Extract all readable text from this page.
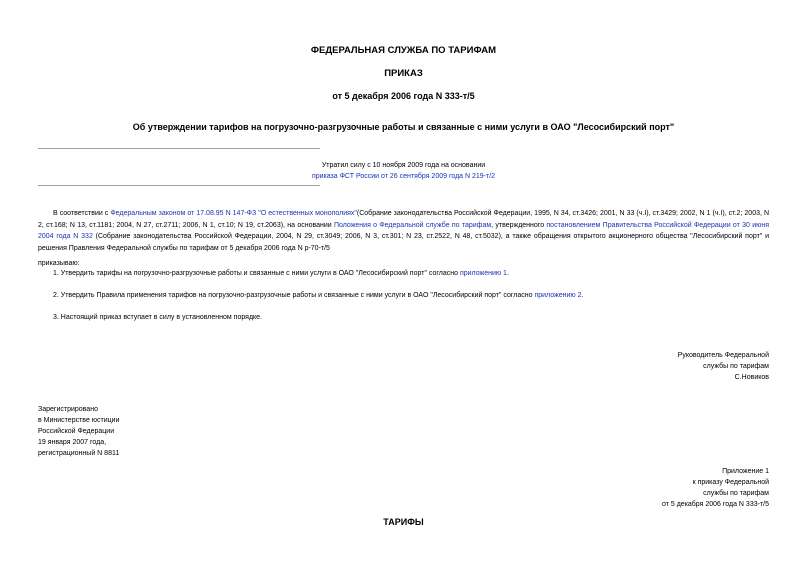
ФЕДЕРАЛЬНАЯ СЛУЖБА ПО ТАРИФАМ
ПРИКАЗ
от 5 декабря 2006 года N 333-т/5
Об утверждении тарифов на погрузочно-разгрузочные работы и связанные с ними услуги в ОАО "Лесосибирский порт"
Утратил силу с 10 ноября 2009 года на основании
приказа ФСТ России от 26 сентября 2009 года N 219-т/2
В соответствии с Федеральным законом от 17.08.95 N 147-ФЗ "О естественных монополиях"(Собрание законодательства Российской Федерации, 1995, N 34, ст.3426; 2001, N 33 (ч.I), ст.3429; 2002, N 1 (ч.I), ст.2; 2003, N 2, ст.168; N 13, ст.1181; 2004, N 27, ст.2711; 2006, N 1, ст.10; N 19, ст.2063), на основании Положения о Федеральной службе по тарифам, утвержденного постановлением Правительства Российской Федерации от 30 июня 2004 года N 332 (Собрание законодательства Российской Федерации, 2004, N 29, ст.3049; 2006, N 3, ст.301; N 23, ст.2522, N 48, ст.5032), а также обращения открытого акционерного общества "Лесосибирский порт" и решения Правления Федеральной службы по тарифам от 5 декабря 2006 года N р-70-т/5
приказываю:
1. Утвердить тарифы на погрузочно-разгрузочные работы и связанные с ними услуги в ОАО "Лесосибирский порт" согласно приложению 1.
2. Утвердить Правила применения тарифов на погрузочно-разгрузочные работы и связанные с ними услуги в ОАО "Лесосибирский порт" согласно приложению 2.
3. Настоящий приказ вступает в силу в установленном порядке.
Руководитель Федеральной
службы по тарифам
С.Новиков
Зарегистрировано
в Министерстве юстиции
Российской Федерации
19 января 2007 года,
регистрационный N 8811
Приложение 1
к приказу Федеральной
службы по тарифам
от 5 декабря 2006 года N 333-т/5
ТАРИФЫ
